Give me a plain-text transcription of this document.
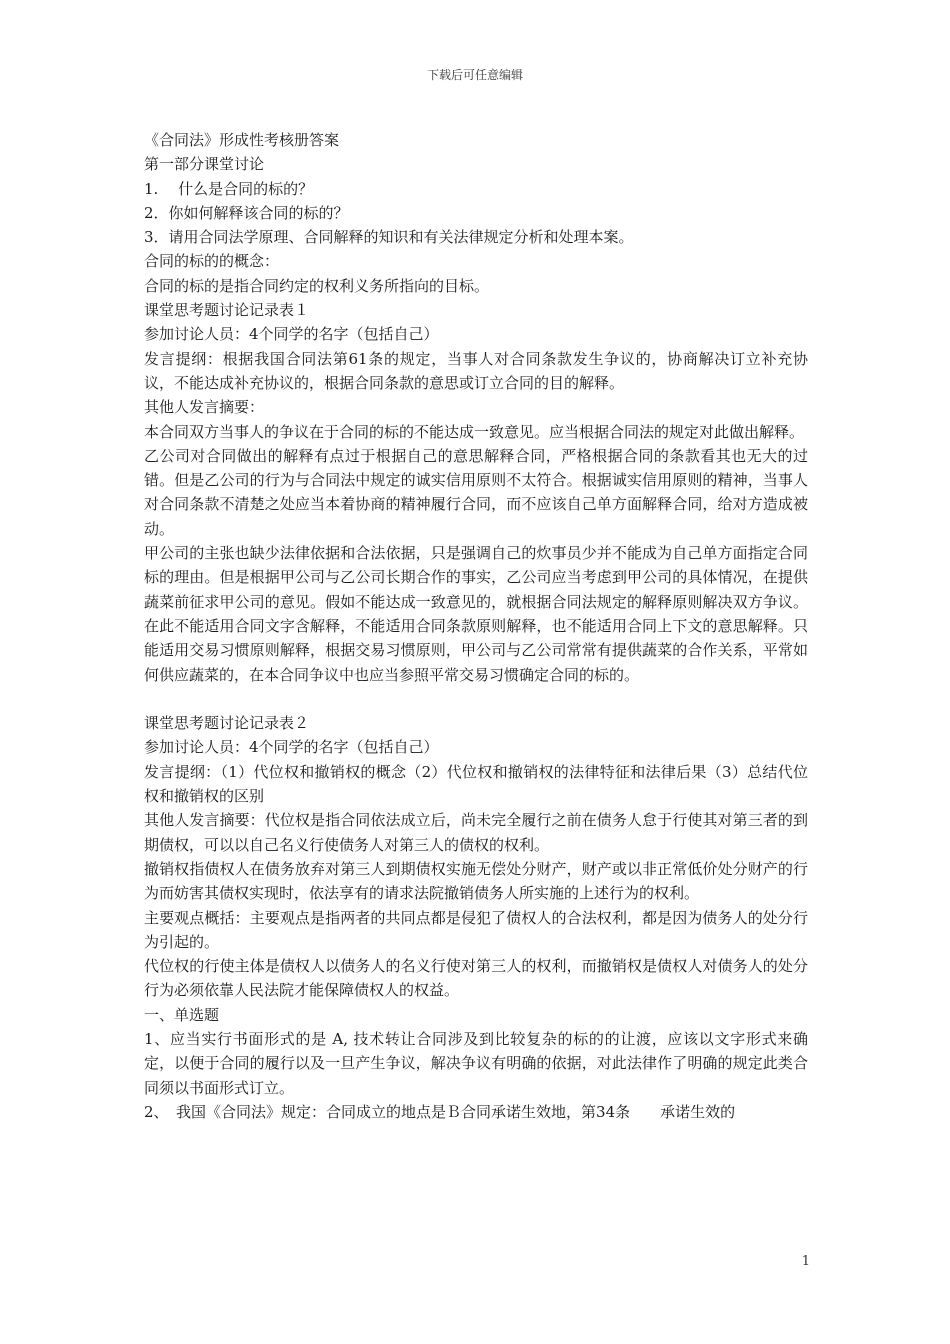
下载后可任意编辑

《合同法》形成性考核册答案

第一部分课堂讨论

1.　 什么是合同的标的？

2．你如何解释该合同的标的？

3．请用合同法学原理、合同解释的知识和有关法律规定分析和处理本案。

合同的标的的概念：

合同的标的是指合同约定的权利义务所指向的目标。

课堂思考题讨论记录表１

参加讨论人员：4个同学的名字（包括自己）

发言提纲：根据我国合同法第61条的规定，当事人对合同条款发生争议的，协商解决订立补充协议，不能达成补充协议的，根据合同条款的意思或订立合同的目的解释。

其他人发言摘要：

本合同双方当事人的争议在于合同的标的不能达成一致意见。应当根据合同法的规定对此做出解释。

乙公司对合同做出的解释有点过于根据自己的意思解释合同，严格根据合同的条款看其也无大的过错。但是乙公司的行为与合同法中规定的诚实信用原则不太符合。根据诚实信用原则的精神，当事人对合同条款不清楚之处应当本着协商的精神履行合同，而不应该自己单方面解释合同，给对方造成被动。

甲公司的主张也缺少法律依据和合法依据，只是强调自己的炊事员少并不能成为自己单方面指定合同标的理由。但是根据甲公司与乙公司长期合作的事实，乙公司应当考虑到甲公司的具体情况，在提供蔬菜前征求甲公司的意见。假如不能达成一致意见的，就根据合同法规定的解释原则解决双方争议。在此不能适用合同文字含解释，不能适用合同条款原则解释，也不能适用合同上下文的意思解释。只能适用交易习惯原则解释，根据交易习惯原则，甲公司与乙公司常常有提供蔬菜的合作关系，平常如何供应蔬菜的，在本合同争议中也应当参照平常交易习惯确定合同的标的。

课堂思考题讨论记录表２

参加讨论人员：4个同学的名字（包括自己）

发言提纲：（1）代位权和撤销权的概念（2）代位权和撤销权的法律特征和法律后果（3）总结代位权和撤销权的区别

其他人发言摘要：代位权是指合同依法成立后，尚未完全履行之前在债务人怠于行使其对第三者的到期债权，可以以自己名义行使债务人对第三人的债权的权利。

撤销权指债权人在债务放弃对第三人到期债权实施无偿处分财产，财产或以非正常低价处分财产的行为而妨害其债权实现时，依法享有的请求法院撤销债务人所实施的上述行为的权利。

主要观点概括：主要观点是指两者的共同点都是侵犯了债权人的合法权利，都是因为债务人的处分行为引起的。

代位权的行使主体是债权人以债务人的名义行使对第三人的权利，而撤销权是债权人对债务人的处分行为必须依靠人民法院才能保障债权人的权益。

一、单选题

1、应当实行书面形式的是 A, 技术转让合同涉及到比较复杂的标的的让渡，应该以文字形式来确定，以便于合同的履行以及一旦产生争议，解决争议有明确的依据，对此法律作了明确的规定此类合同须以书面形式订立。

2、　我国《合同法》规定：合同成立的地点是Ｂ合同承诺生效地，第34条　　承诺生效的

1
